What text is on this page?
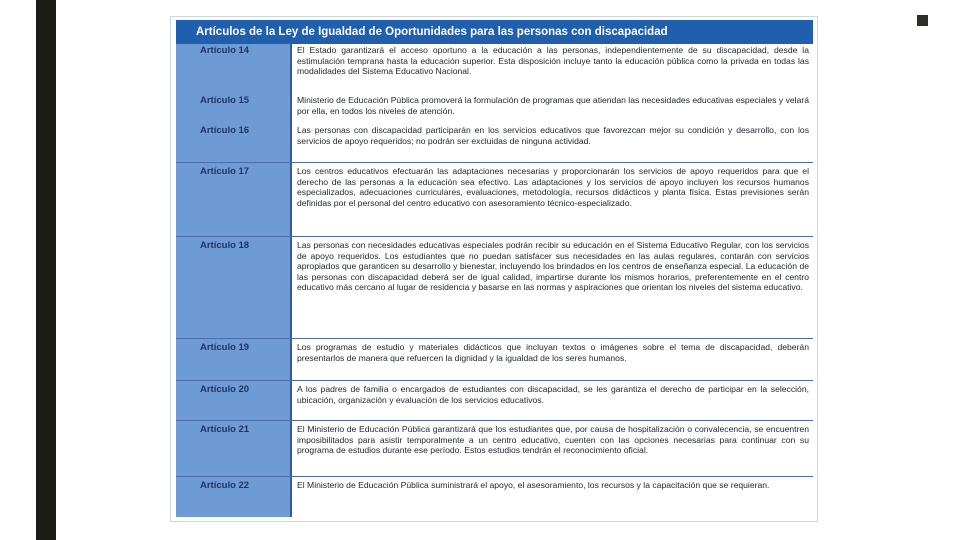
Artículos de la Ley de Igualdad de Oportunidades para las personas con discapacidad
Artículo 14	El Estado garantizará el acceso oportuno a la educación a las personas, independientemente de su discapacidad, desde la estimulación temprana hasta la educación superior. Esta disposición incluye tanto la educación pública como la privada en todas las modalidades del Sistema Educativo Nacional.
Artículo 15	Ministerio de Educación Pública promoverá la formulación de programas que atiendan las necesidades educativas especiales y velará por ella, en todos los niveles de atención.
Artículo 16	Las personas con discapacidad participarán en los servicios educativos que favorezcan mejor su condición y desarrollo, con los servicios de apoyo requeridos; no podrán ser excluidas de ninguna actividad.
Artículo 17	Los centros educativos efectuarán las adaptaciones necesarias y proporcionarán los servicios de apoyo requeridos para que el derecho de las personas a la educación sea efectivo. Las adaptaciones y los servicios de apoyo incluyen los recursos humanos especializados, adecuaciones curriculares, evaluaciones, metodología, recursos didácticos y planta física. Estas previsiones serán definidas por el personal del centro educativo con asesoramiento técnico-especializado.
Artículo 18	Las personas con necesidades educativas especiales podrán recibir su educación en el Sistema Educativo Regular, con los servicios de apoyo requeridos. Los estudiantes que no puedan satisfacer sus necesidades en las aulas regulares, contarán con servicios apropiados que garanticen su desarrollo y bienestar, incluyendo los brindados en los centros de enseñanza especial. La educación de las personas con discapacidad deberá ser de igual calidad, impartirse durante los mismos horarios, preferentemente en el centro educativo más cercano al lugar de residencia y basarse en las normas y aspiraciones que orientan los niveles del sistema educativo.
Artículo 19	Los programas de estudio y materiales didácticos que incluyan textos o imágenes sobre el tema de discapacidad, deberán presentarlos de manera que refuercen la dignidad y la igualdad de los seres humanos.
Artículo 20	A los padres de familia o encargados de estudiantes con discapacidad, se les garantiza el derecho de participar en la selección, ubicación, organización y evaluación de los servicios educativos.
Artículo 21	El Ministerio de Educación Pública garantizará que los estudiantes que, por causa de hospitalización o convalecencia, se encuentren imposibilitados para asistir temporalmente a un centro educativo, cuenten con las opciones necesarias para continuar con su programa de estudios durante ese período. Estos estudios tendrán el reconocimiento oficial.
Artículo 22	El Ministerio de Educación Pública suministrará el apoyo, el asesoramiento, los recursos y la capacitación que se requieran.
